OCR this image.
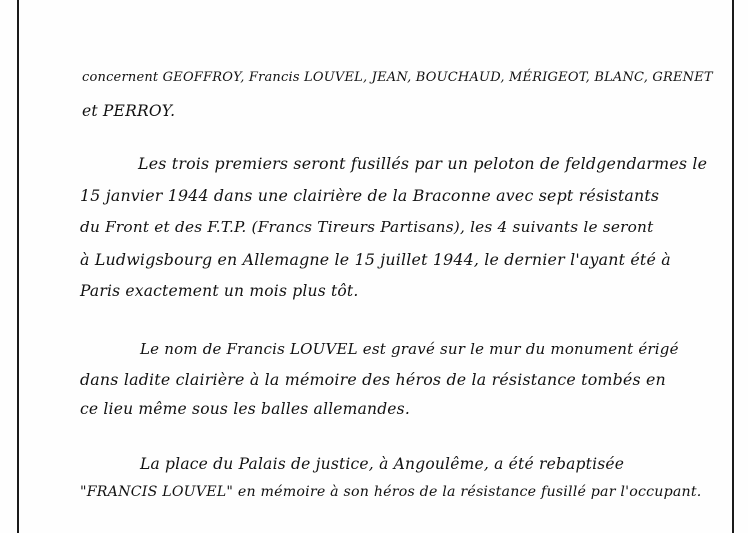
concernent GEOFFROY, Francis LOUVEL, JEAN, BOUCHAUD, MÉRIGEOT, BLANC, GRENET

et PERROY.

Les trois premiers seront fusillés par un peloton de feldgendarmes le

15 janvier 1944 dans une clairière de la Braconne avec sept résistants

du Front et des F.T.P. (Francs Tireurs Partisans), les 4 suivants le seront

à Ludwigsbourg en Allemagne le 15 juillet 1944, le dernier l'ayant été à

Paris exactement un mois plus tôt.

Le nom de Francis LOUVEL est gravé sur le mur du monument érigé

dans ladite clairière à la mémoire des héros de la résistance tombés en

ce lieu même sous les balles allemandes.

La place du Palais de justice, à Angoulême, a été rebaptisée

"FRANCIS LOUVEL" en mémoire à son héros de la résistance fusillé par l'occupant.
